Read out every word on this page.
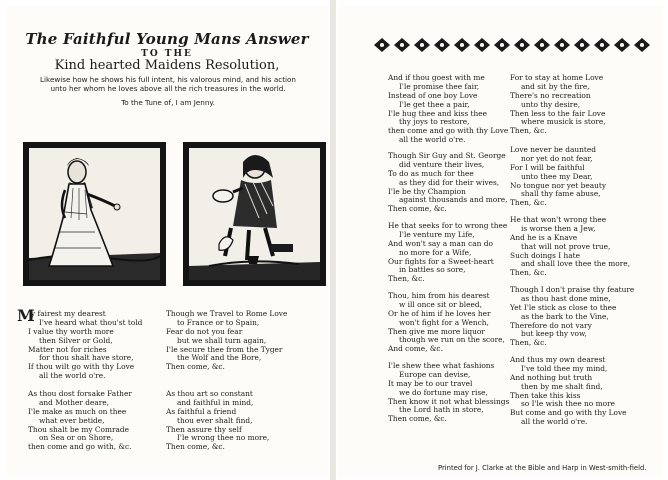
The Faithful Young Mans Answer
TO THE
Kind hearted Maidens Resolution,
Likewise how he shows his full intent, his valorous mind, and his action
unto her whom he loves above all the rich treasures in the world.
To the Tune of, I am Jenny.
M
y fairest my dearest
I've heard what thou'st told
I value thy worth more
then Silver or Gold,
Matter not for riches
for thou shalt have store,
If thou wilt go with thy Love
all the world o're.
As thou dost forsake Father
and Mother deare,
I'le make as much on thee
what ever betide,
Thou shalt be my Comrade
on Sea or on Shore,
then come and go with, &c.
Though we Travel to Rome Love
to France or to Spain,
Fear do not you fear
but we shall turn again,
I'le secure thee from the Tyger
the Wolf and the Bore,
Then come, &c.
As thou art so constant
and faithful in mind,
As faithful a friend
thou ever shalt find,
Then assure thy self
I'le wrong thee no more,
Then come, &c.
And if thou goest with me
I'le promise thee fair,
Instead of one boy Love
I'le get thee a pair,
I'le hug thee and kiss thee
thy joys to restore,
then come and go with thy Love
all the world o're.
Though Sir Guy and St. George
did venture their lives,
To do as much for thee
as they did for their wives,
I'le be thy Champion
against thousands and more,
Then come, &c.
He that seeks for to wrong thee
I'le venture my Life,
And won't say a man can do
no more for a Wife,
Our fights for a Sweet-heart
in battles so sore,
Then, &c.
Thou, him from his dearest
w ill once sit or bleed,
Or he of him if he loves her
won't fight for a Wench,
Then give me more liquor
though we run on the score,
And come, &c.
I'le shew thee what fashions
Europe can devise,
It may be to our travel
we do fortune may rise,
Then know it not what blessings
the Lord hath in store,
Then come, &c.
For to stay at home Love
and sit by the fire,
There's no recreation
unto thy desire,
Then less to the fair Love
where musick is store,
Then, &c.
Love never be daunted
nor yet do not fear,
For I will be faithful
unto thee my Dear,
No tongue nor yet beauty
shall thy fame abuse,
Then, &c.
He that won't wrong thee
is worse then a Jew,
And he is a Knave
that will not prove true,
Such doings I hate
and shall love thee the more,
Then, &c.
Though I don't praise thy feature
as thou hast done mine,
Yet I'le stick as close to thee
as the bark to the Vine,
Therefore do not vary
but keep thy vow,
Then, &c.
And thus my own dearest
I've told thee my mind,
And nothing but truth
then by me shalt find,
Then take this kiss
so I'le wish thee no more
But come and go with thy Love
all the world o're.
Printed for J. Clarke at the Bible and Harp in West-smith-field.
